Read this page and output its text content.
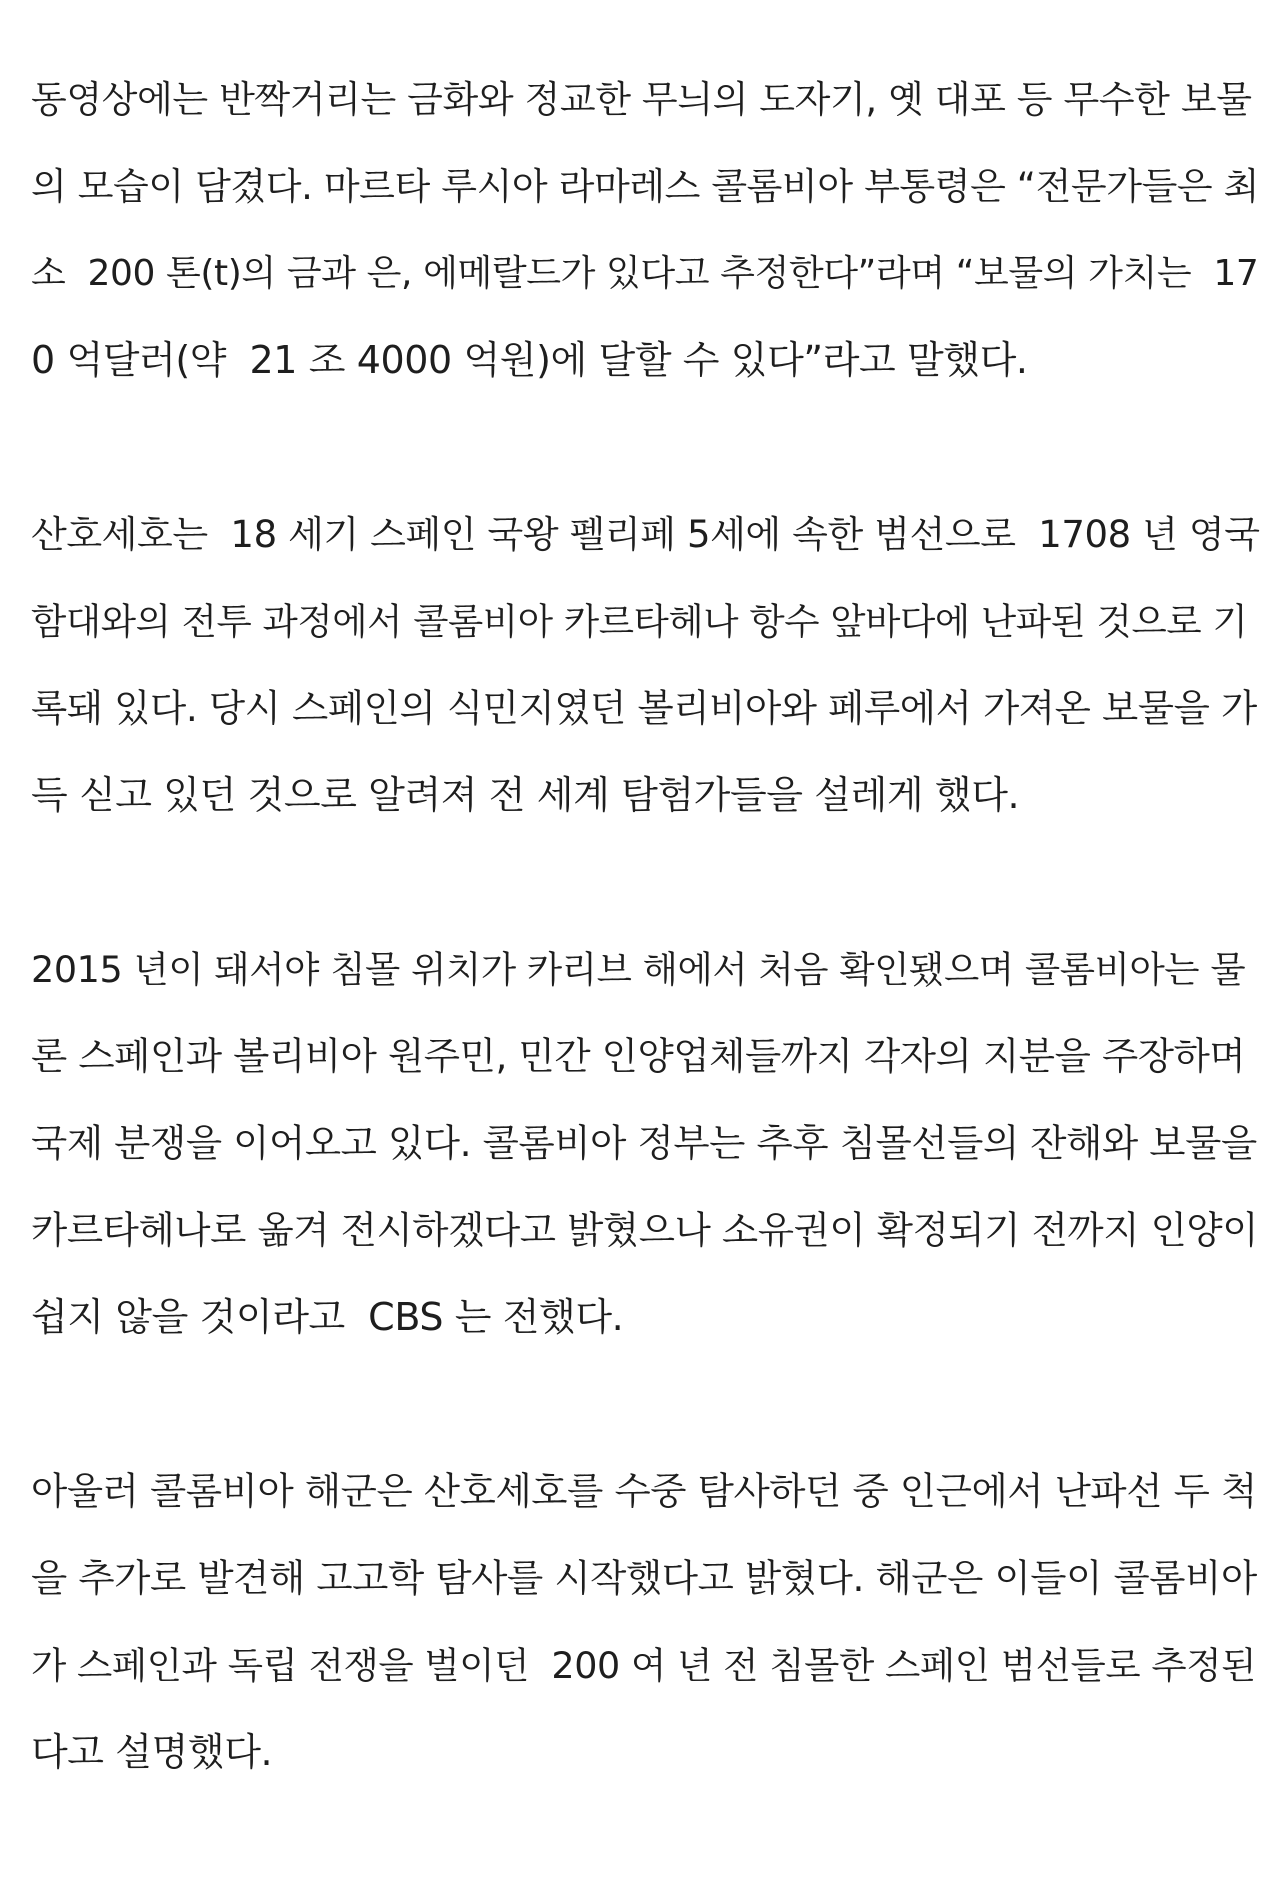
동영상에는 반짝거리는 금화와 정교한 무늬의 도자기, 옛 대포 등 무수한 보물
의 모습이 담겼다. 마르타 루시아 라마레스 콜롬비아 부통령은 “전문가들은 최
소  200 톤(t)의 금과 은, 에메랄드가 있다고 추정한다”라며 “보물의 가치는  17
0 억달러(약  21 조 4000 억원)에 달할 수 있다”라고 말했다.
산호세호는  18 세기 스페인 국왕 펠리페 5세에 속한 범선으로  1708 년 영국
함대와의 전투 과정에서 콜롬비아 카르타헤나 항수 앞바다에 난파된 것으로 기
록돼 있다. 당시 스페인의 식민지였던 볼리비아와 페루에서 가져온 보물을 가
득 싣고 있던 것으로 알려져 전 세계 탐험가들을 설레게 했다.
2015 년이 돼서야 침몰 위치가 카리브 해에서 처음 확인됐으며 콜롬비아는 물
론 스페인과 볼리비아 원주민, 민간 인양업체들까지 각자의 지분을 주장하며
국제 분쟁을 이어오고 있다. 콜롬비아 정부는 추후 침몰선들의 잔해와 보물을
카르타헤나로 옮겨 전시하겠다고 밝혔으나 소유권이 확정되기 전까지 인양이
쉽지 않을 것이라고  CBS 는 전했다.
아울러 콜롬비아 해군은 산호세호를 수중 탐사하던 중 인근에서 난파선 두 척
을 추가로 발견해 고고학 탐사를 시작했다고 밝혔다. 해군은 이들이 콜롬비아
가 스페인과 독립 전쟁을 벌이던  200 여 년 전 침몰한 스페인 범선들로 추정된
다고 설명했다.
